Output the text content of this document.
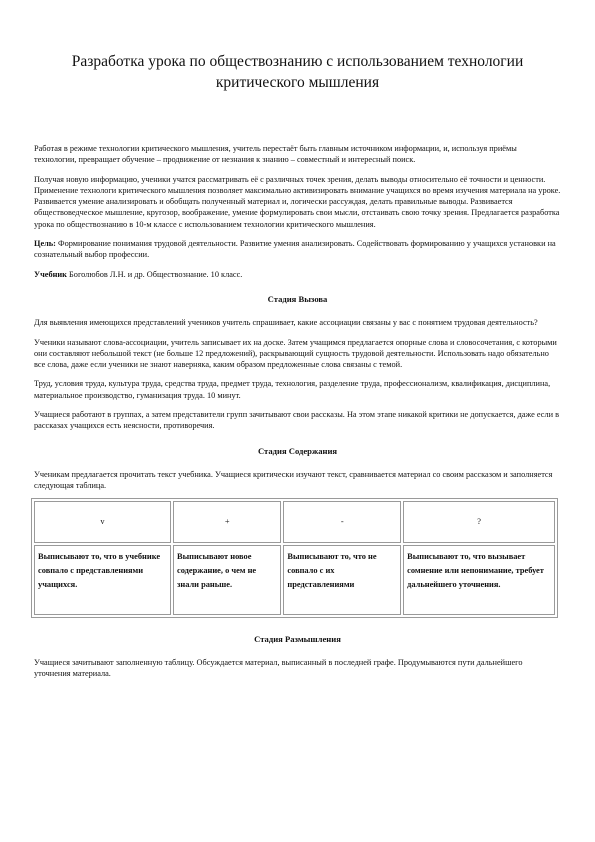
Разработка урока по обществознанию с использованием технологии критического мышления

Работая в режиме технологии критического мышления, учитель перестаёт быть главным источником информации, и, используя приёмы технологии, превращает обучение – продвижение от незнания к знанию – совместный и интересный поиск.

Получая новую информацию, ученики учатся рассматривать её с различных точек зрения, делать выводы относительно её точности и ценности. Применение технологи критического мышления позволяет максимально активизировать внимание учащихся во время изучения материала на уроке. Развивается умение анализировать и обобщать полученный материал и, логически рассуждая, делать правильные выводы. Развивается обществоведческое мышление, кругозор, воображение, умение формулировать свои мысли, отстаивать свою точку зрения. Предлагается разработка урока по обществознанию в 10-м классе с использованием технологии критического мышления.

Цель: Формирование понимания трудовой деятельности. Развитие умения анализировать. Содействовать формированию у учащихся установки на сознательный выбор профессии.

Учебник Боголюбов Л.Н. и др. Обществознание. 10 класс.

Стадия Вызова

Для выявления имеющихся представлений учеников учитель спрашивает, какие ассоциации связаны у вас с понятием трудовая деятельность?

Ученики называют слова-ассоциации, учитель записывает их на доске. Затем учащимся предлагается опорные слова и словосочетания, с которыми они составляют небольшой текст (не больше 12 предложений), раскрывающий сущность трудовой деятельности. Использовать надо обязательно все слова, даже если ученики не знают наверняка, каким образом предложенные слова связаны с темой.

Труд, условия труда, культура труда, средства труда, предмет труда, технология, разделение труда, профессионализм, квалификация, дисциплина, материальное производство, гуманизация труда. 10 минут.

Учащиеся работают в группах, а затем представители групп зачитывают свои рассказы. На этом этапе никакой критики не допускается, даже если в рассказах учащихся есть неясности, противоречия.

Стадия Содержания

Ученикам предлагается прочитать текст учебника. Учащиеся критически изучают текст, сравнивается материал со своим рассказом и заполняется следующая таблица.

v	+	-	?
Выписывают то, что в учебнике совпало с представлениями учащихся.	Выписывают новое содержание, о чем не знали раньше.	Выписывают то, что не совпало с их представлениями	Выписывают то, что вызывает сомнение или непонимание, требует дальнейшего уточнения.
Стадия Размышления

Учащиеся зачитывают заполненную таблицу. Обсуждается материал, выписанный в последней графе. Продумываются пути дальнейшего уточнения материала.
